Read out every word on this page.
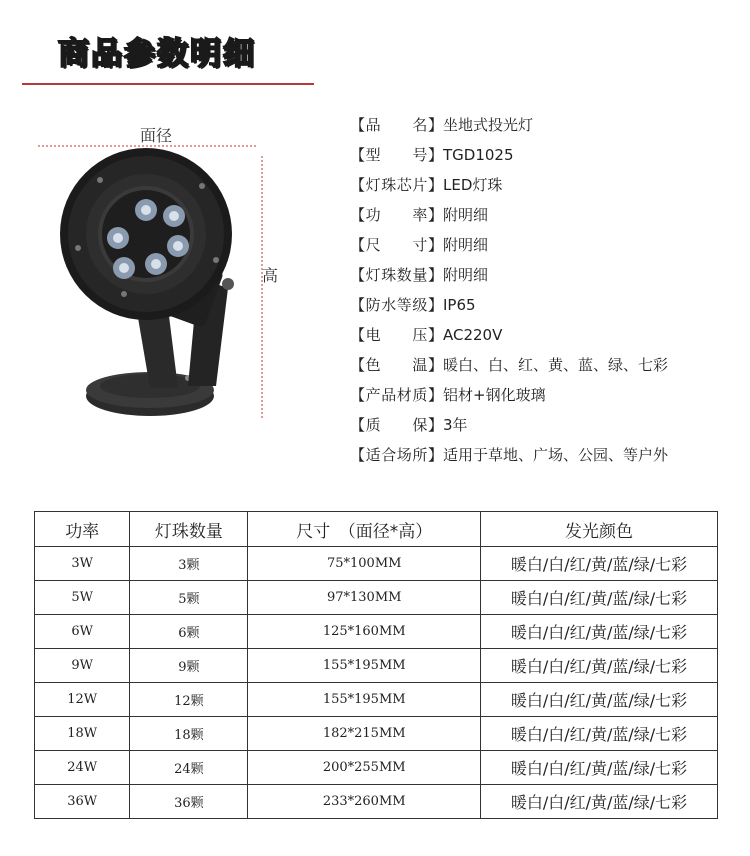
商品参数明细
面径
高
【品　　名】 坐地式投光灯
【型　　号】 TGD1025
【灯珠芯片】 LED灯珠
【功　　率】 附明细
【尺　　寸】 附明细
【灯珠数量】 附明细
【防水等级】 IP65
【电　　压】 AC220V
【色　　温】 暖白、白、红、黄、蓝、绿、七彩
【产品材质】 铝材+钢化玻璃
【质　　保】 3年
【适合场所】 适用于草地、广场、公园、等户外
功率	灯珠数量	尺寸　（面径*高）	发光颜色
3W	3颗	75*100MM	暖白/白/红/黄/蓝/绿/七彩
5W	5颗	97*130MM	暖白/白/红/黄/蓝/绿/七彩
6W	6颗	125*160MM	暖白/白/红/黄/蓝/绿/七彩
9W	9颗	155*195MM	暖白/白/红/黄/蓝/绿/七彩
12W	12颗	155*195MM	暖白/白/红/黄/蓝/绿/七彩
18W	18颗	182*215MM	暖白/白/红/黄/蓝/绿/七彩
24W	24颗	200*255MM	暖白/白/红/黄/蓝/绿/七彩
36W	36颗	233*260MM	暖白/白/红/黄/蓝/绿/七彩
